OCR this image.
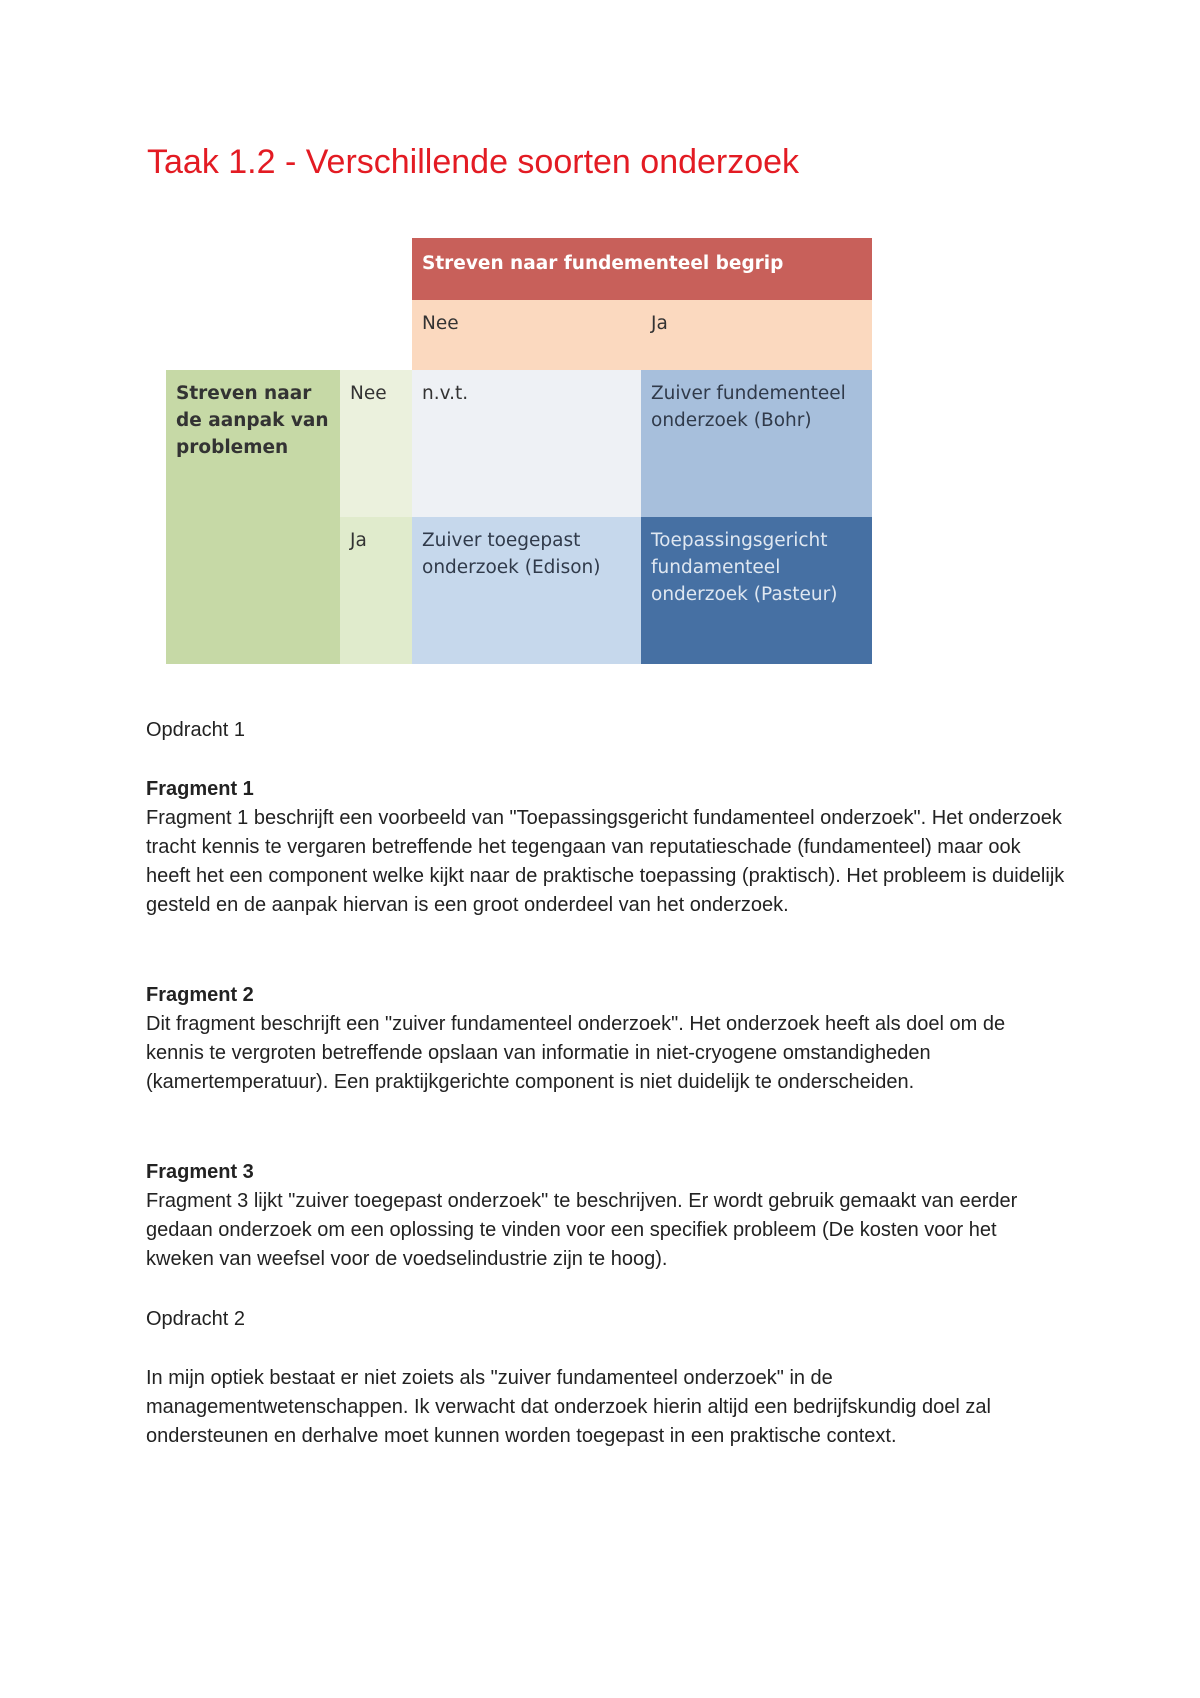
Taak 1.2 - Verschillende soorten onderzoek
Streven naar fundementeel begrip
Nee	Ja
Streven naar de aanpak van problemen
Nee
Ja
n.v.t.	Zuiver fundementeel onderzoek (Bohr)
Zuiver toegepast onderzoek (Edison)
Toepassingsgericht fundamenteel onderzoek (Pasteur)
Opdracht 1

Fragment 1

Fragment 1 beschrijft een voorbeeld van "Toepassingsgericht fundamenteel onderzoek". Het onderzoek tracht kennis te vergaren betreffende het tegengaan van reputatieschade (fundamenteel) maar ook heeft het een component welke kijkt naar de praktische toepassing (praktisch). Het probleem is duidelijk gesteld en de aanpak hiervan is een groot onderdeel van het onderzoek.

Fragment 2

Dit fragment beschrijft een "zuiver fundamenteel onderzoek". Het onderzoek heeft als doel om de kennis te vergroten betreffende opslaan van informatie in niet-cryogene omstandigheden (kamertemperatuur). Een praktijkgerichte component is niet duidelijk te onderscheiden.

Fragment 3

Fragment 3 lijkt "zuiver toegepast onderzoek" te beschrijven. Er wordt gebruik gemaakt van eerder gedaan onderzoek om een oplossing te vinden voor een specifiek probleem (De kosten voor het kweken van weefsel voor de voedselindustrie zijn te hoog).

Opdracht 2
In mijn optiek bestaat er niet zoiets als "zuiver fundamenteel onderzoek" in de managementwetenschappen. Ik verwacht dat onderzoek hierin altijd een bedrijfskundig doel zal ondersteunen en derhalve moet kunnen worden toegepast in een praktische context.
